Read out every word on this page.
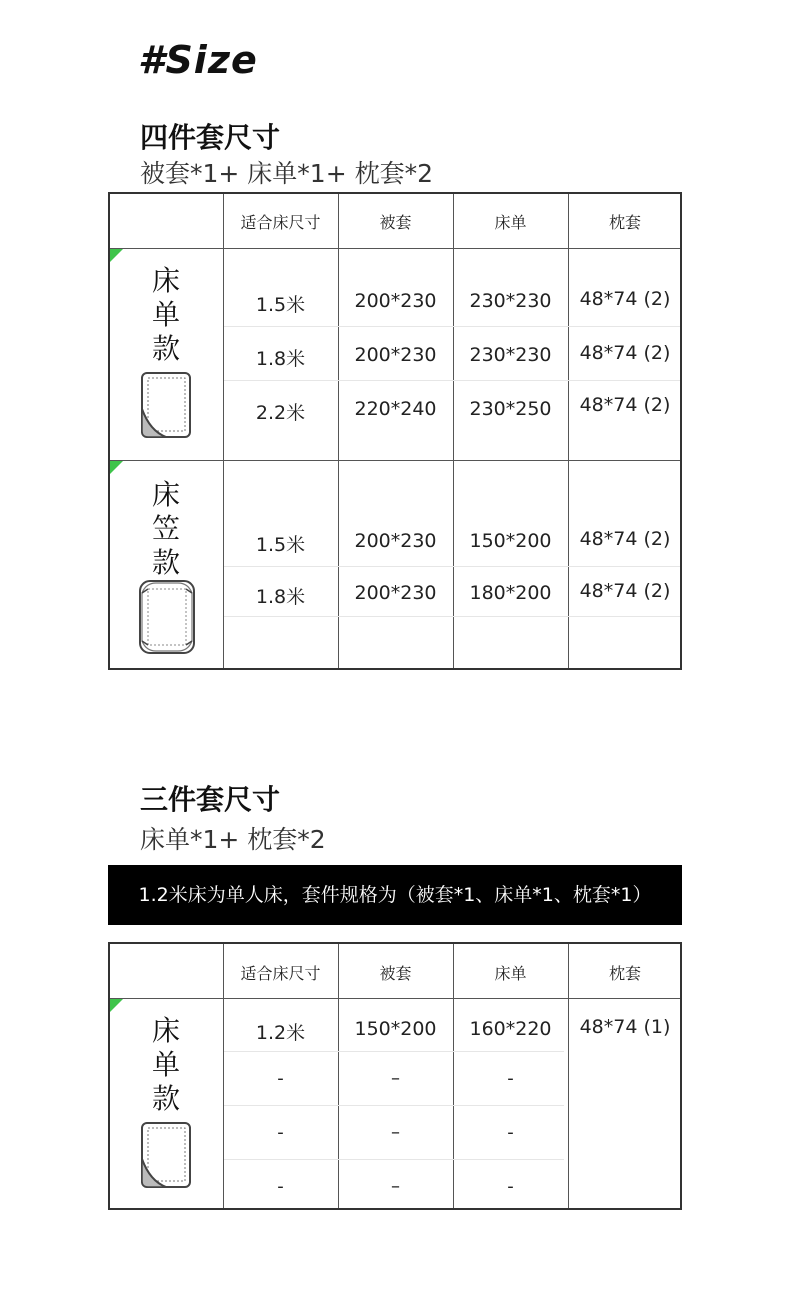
#Size
四件套尺寸
被套*1+ 床单*1+ 枕套*2
适合床尺寸	被套	床单	枕套
床
单
款
1.5米	200*230	230*230	48*74 (2)
1.8米	200*230	230*230	48*74 (2)
2.2米	220*240	230*250	48*74 (2)
床
笠
款
1.5米	200*230	150*200	48*74 (2)
1.8米	200*230	180*200	48*74 (2)
三件套尺寸
床单*1+ 枕套*2
1.2米床为单人床，套件规格为（被套*1、床单*1、枕套*1）
适合床尺寸	被套	床单	枕套
床
单
款
1.2米	150*200	160*220	48*74 (1)
-	–	-
-	–	-
-	–	-
